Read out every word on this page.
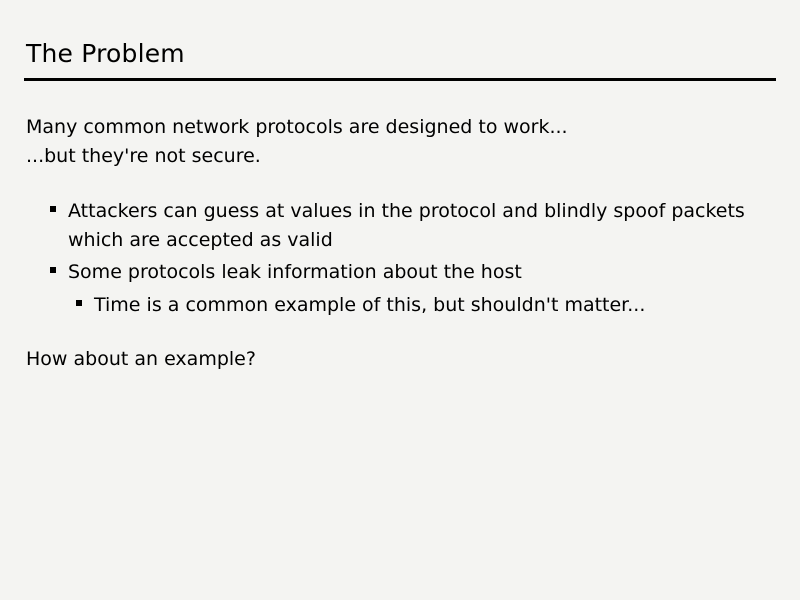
The Problem

Many common network protocols are designed to work...

...but they're not secure.

Attackers can guess at values in the protocol and blindly spoof packets which are accepted as valid
Some protocols leak information about the host
Time is a common example of this, but shouldn't matter...

How about an example?
